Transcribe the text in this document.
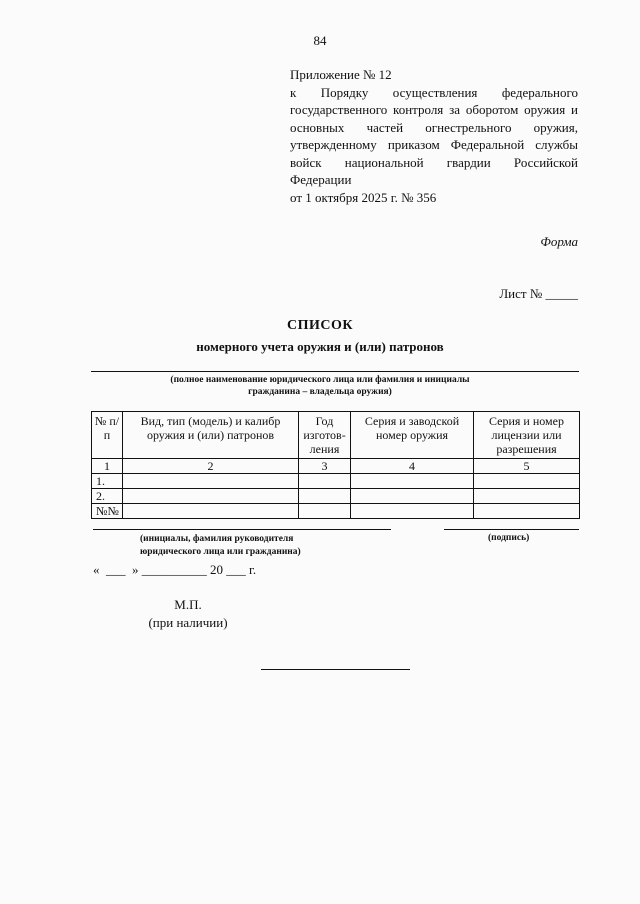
84
Приложение № 12
к Порядку осуществления федерального государственного контроля за оборотом оружия и основных частей огнестрельного оружия, утвержденному приказом Федеральной службы войск национальной гвардии Российской Федерации
от 1 октября 2025 г. № 356
Форма
Лист № _____
СПИСОК
номерного учета оружия и (или) патронов
(полное наименование юридического лица или фамилия и инициалы
гражданина – владельца оружия)
№ п/п	Вид, тип (модель) и калибр оружия и (или) патронов	Год изготов-ления	Серия и заводской номер оружия	Серия и номер лицензии или разрешения
1	2	3	4	5
1.				
2.				
№№				
(инициалы, фамилия руководителя
юридического лица или гражданина)
(подпись)
«  ___  » __________ 20 ___ г.
М.П.
(при наличии)
